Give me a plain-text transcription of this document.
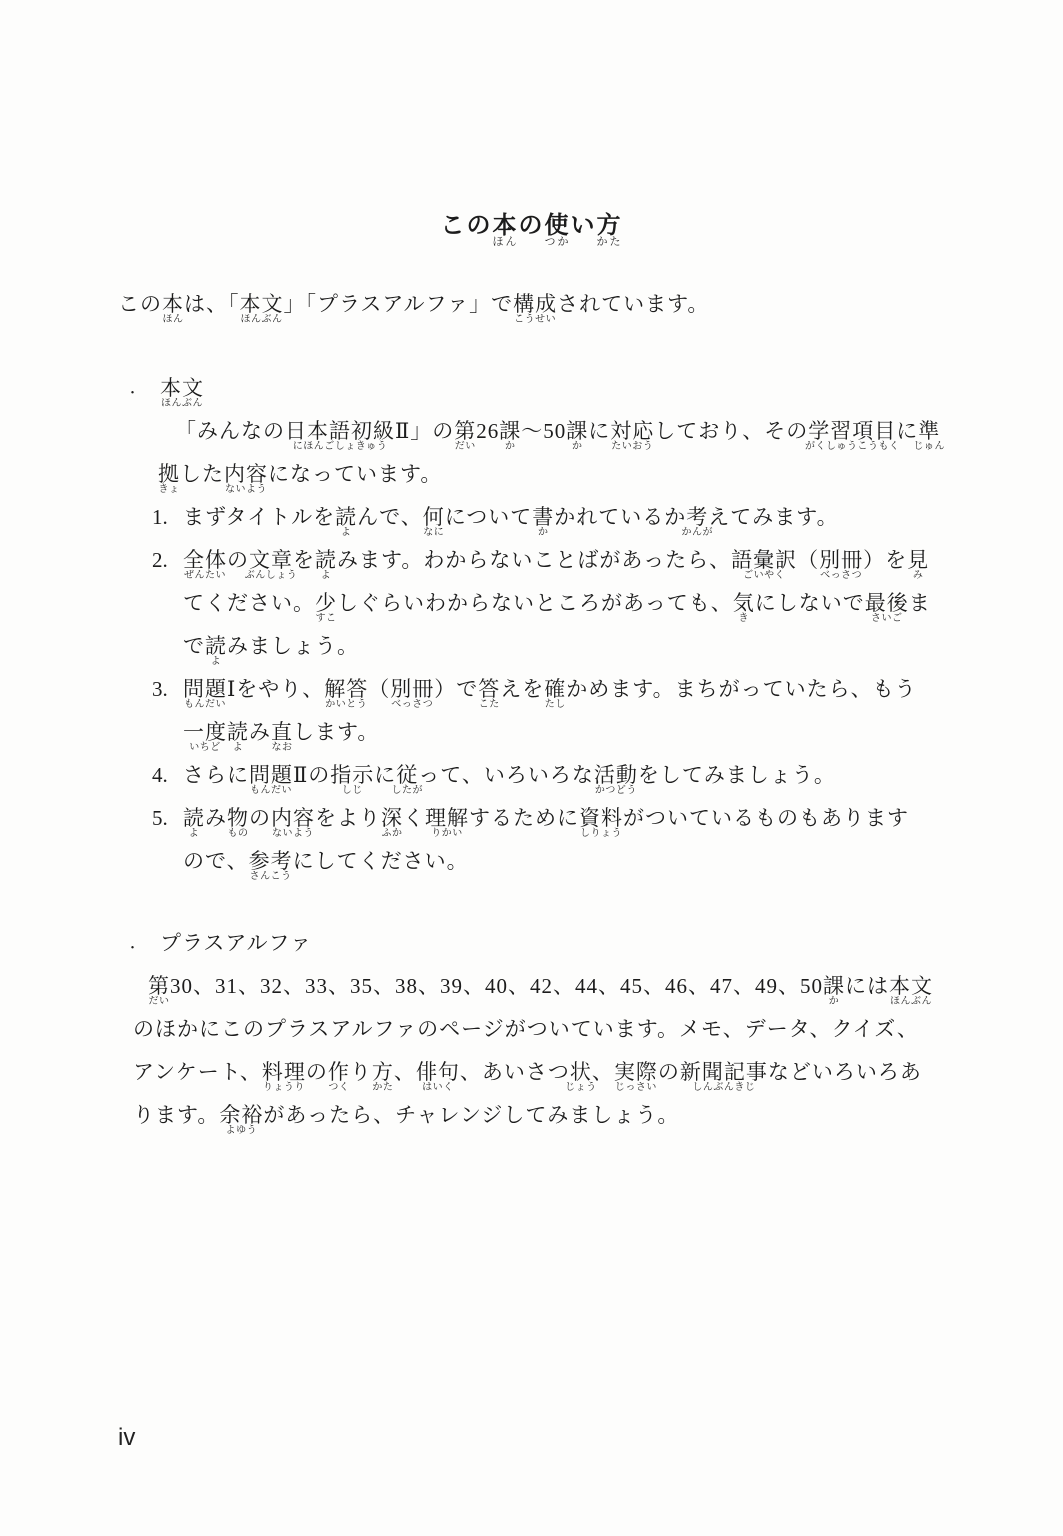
この本
ほん
の使
つか
い方
かた
この本
ほん
は、「本文
ほんぶん
」「プラスアルファ」で構成
こうせい
されています。
・ 本文
ほんぶん
「みんなの日本語初級
にほんごしょきゅう
Ⅱ」の第
だい
26課
か
〜50課
か
に対応
たいおう
しており、その学習項目
がくしゅうこうもく
に準
じゅん
拠
きょ
した内容
ないよう
になっています。
1. まずタイトルを読
よ
んで、何
なに
について書
か
かれているか考
かんが
えてみます。
2. 全体
ぜんたい
の文章
ぶんしょう
を読
よ
みます。わからないことばがあったら、語彙訳
ごいやく
（別冊
べっさつ
）を見
み
てください。少
すこ
しぐらいわからないところがあっても、気
き
にしないで最後
さいご
ま
で読
よ
みましょう。
3. 問題
もんだい
Ⅰをやり、解答
かいとう
（別冊
べっさつ
）で答
こた
えを確
たし
かめます。まちがっていたら、もう
一度
いちど
読
よ
み直
なお
します。
4. さらに問題
もんだい
Ⅱの指示
しじ
に従
したが
って、いろいろな活動
かつどう
をしてみましょう。
5. 読
よ
み物
もの
の内容
ないよう
をより深
ふか
く理解
りかい
するために資料
しりょう
がついているものもあります
ので、参考
さんこう
にしてください。
・ プラスアルファ
第
だい
30、31、32、33、35、38、39、40、42、44、45、46、47、49、50課
か
には本文
ほんぶん
のほかにこのプラスアルファのページがついています。メモ、データ、クイズ、
アンケート、料理
りょうり
の作
つく
り方
かた
、俳句
はいく
、あいさつ状
じょう
、実際
じっさい
の新聞記事
しんぶんきじ
などいろいろあ
ります。余裕
よゆう
があったら、チャレンジしてみましょう。
iv
